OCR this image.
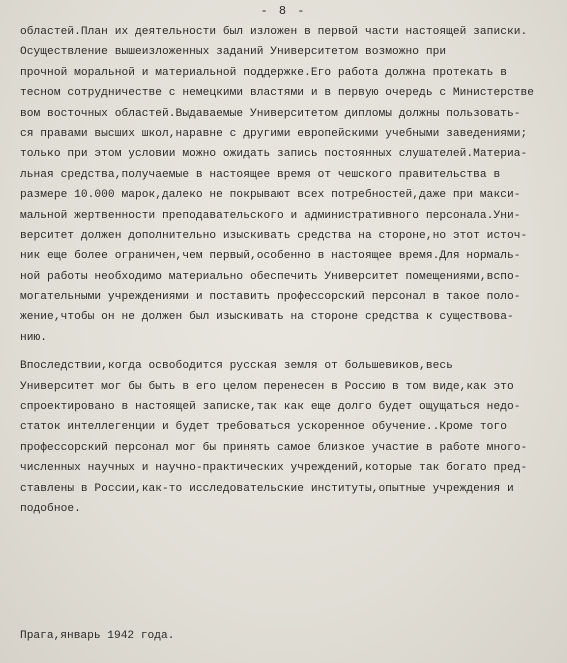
- 8 -
областей.План их деятельности был изложен в первой части настоящей записки.
Осуществление вышеизложенных заданий Университетом возможно при
прочной моральной и материальной поддержке.Его работа должна протекать в
тесном сотрудничестве с немецкими властями и в первую очередь с Министерстве
вом восточных областей.Выдаваемые Университетом дипломы должны пользовать-
ся правами высших школ,наравне с другими европейскими учебными заведениями;
только при этом условии можно ожидать запись постоянных слушателей.Материа-
льная средства,получаемые в настоящее время от чешского правительства в
размере 10.000 марок,далеко не покрывают всех потребностей,даже при макси-
мальной жертвенности преподавательского и административного персонала.Уни-
верситет должен дополнительно изыскивать средства на стороне,но этот источ-
ник еще более ограничен,чем первый,особенно в настоящее время.Для нормаль-
ной работы необходимо материально обеспечить Университет помещениями,вспо-
могательными учреждениями и поставить профессорский персонал в такое поло-
жение,чтобы он не должен был изыскивать на стороне средства к существова-
нию.
Впоследствии,когда освободится русская земля от большевиков,весь
Университет мог бы быть в его целом перенесен в Россию в том виде,как это
спроектировано в настоящей записке,так как еще долго будет ощущаться недо-
статок интеллегенции и будет требоваться ускоренное обучение..Кроме того
профессорский персонал мог бы принять самое близкое участие в работе много-
численных научных и научно-практических учреждений,которые так богато пред-
ставлены в России,как-то исследовательские институты,опытные учреждения и
подобное.
Прага,январь 1942 года.
